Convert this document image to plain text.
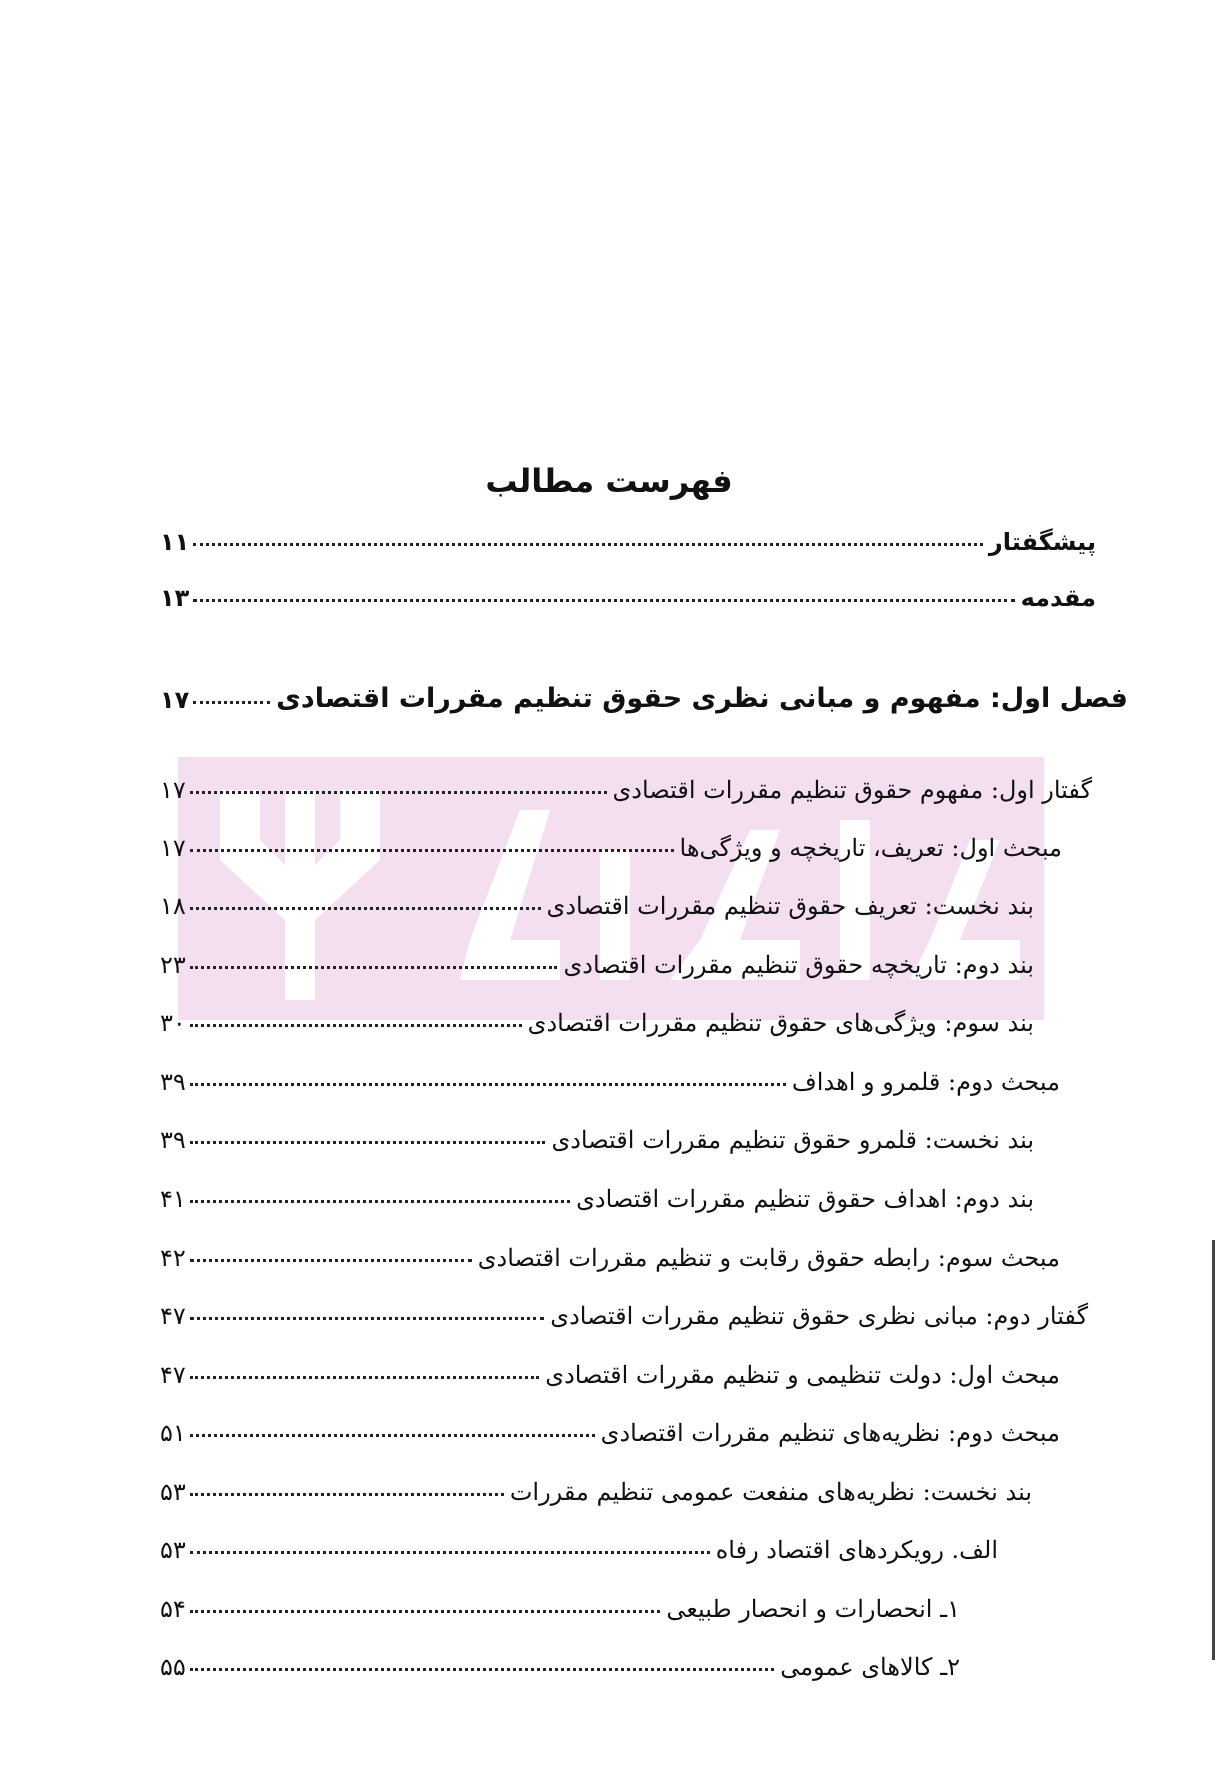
فهرست مطالب
پیشگفتار
۱۱
مقدمه
۱۳
فصل اول: مفهوم و مبانی نظری حقوق تنظیم مقررات اقتصادی
۱۷
گفتار اول: مفهوم حقوق تنظیم مقررات اقتصادی
۱۷
مبحث اول: تعریف، تاریخچه و ویژگی‌ها
۱۷
بند نخست: تعریف حقوق تنظیم مقررات اقتصادی
۱۸
بند دوم: تاریخچه حقوق تنظیم مقررات اقتصادی
۲۳
بند سوم: ویژگی‌های حقوق تنظیم مقررات اقتصادی
۳۰
مبحث دوم: قلمرو و اهداف
۳۹
بند نخست: قلمرو حقوق تنظیم مقررات اقتصادی
۳۹
بند دوم: اهداف حقوق تنظیم مقررات اقتصادی
۴۱
مبحث سوم: رابطه حقوق رقابت و تنظیم مقررات اقتصادی
۴۲
گفتار دوم: مبانی نظری حقوق تنظیم مقررات اقتصادی
۴۷
مبحث اول: دولت تنظیمی و تنظیم مقررات اقتصادی
۴۷
مبحث دوم: نظریه‌های تنظیم مقررات اقتصادی
۵۱
بند نخست: نظریه‌های منفعت عمومی تنظیم مقررات
۵۳
الف. رویکردهای اقتصاد رفاه
۵۳
۱ـ انحصارات و انحصار طبیعی
۵۴
۲ـ کالاهای عمومی
۵۵
